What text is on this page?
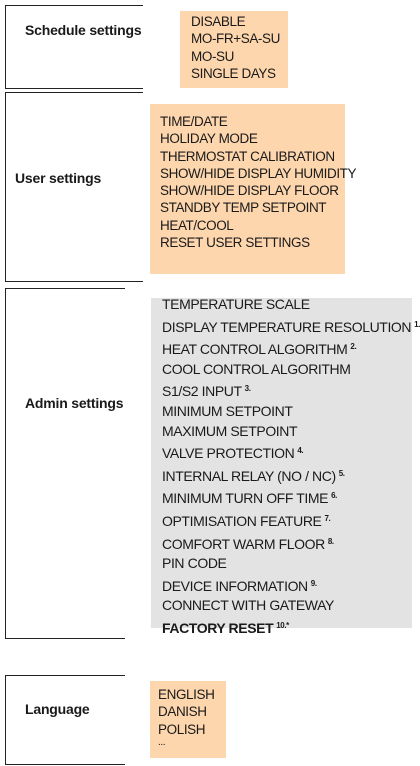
Schedule settings
DISABLE
MO-FR+SA-SU
MO-SU
SINGLE DAYS
User settings
TIME/DATE
HOLIDAY MODE
THERMOSTAT CALIBRATION
SHOW/HIDE DISPLAY HUMIDITY
SHOW/HIDE DISPLAY FLOOR
STANDBY TEMP SETPOINT
HEAT/COOL
RESET USER SETTINGS
Admin settings
TEMPERATURE SCALE
DISPLAY TEMPERATURE RESOLUTION $^{1.}$
HEAT CONTROL ALGORITHM $^{2.}$
COOL CONTROL ALGORITHM
S1/S2 INPUT $^{3.}$
MINIMUM SETPOINT
MAXIMUM SETPOINT
VALVE PROTECTION $^{4.}$
INTERNAL RELAY (NO / NC) $^{5.}$
MINIMUM TURN OFF TIME $^{6.}$
OPTIMISATION FEATURE $^{7.}$
COMFORT WARM FLOOR $^{8.}$
PIN CODE
DEVICE INFORMATION $^{9.}$
CONNECT WITH GATEWAY
FACTORY RESET $^{10.*}$
Language
ENGLISH
DANISH
POLISH
...
